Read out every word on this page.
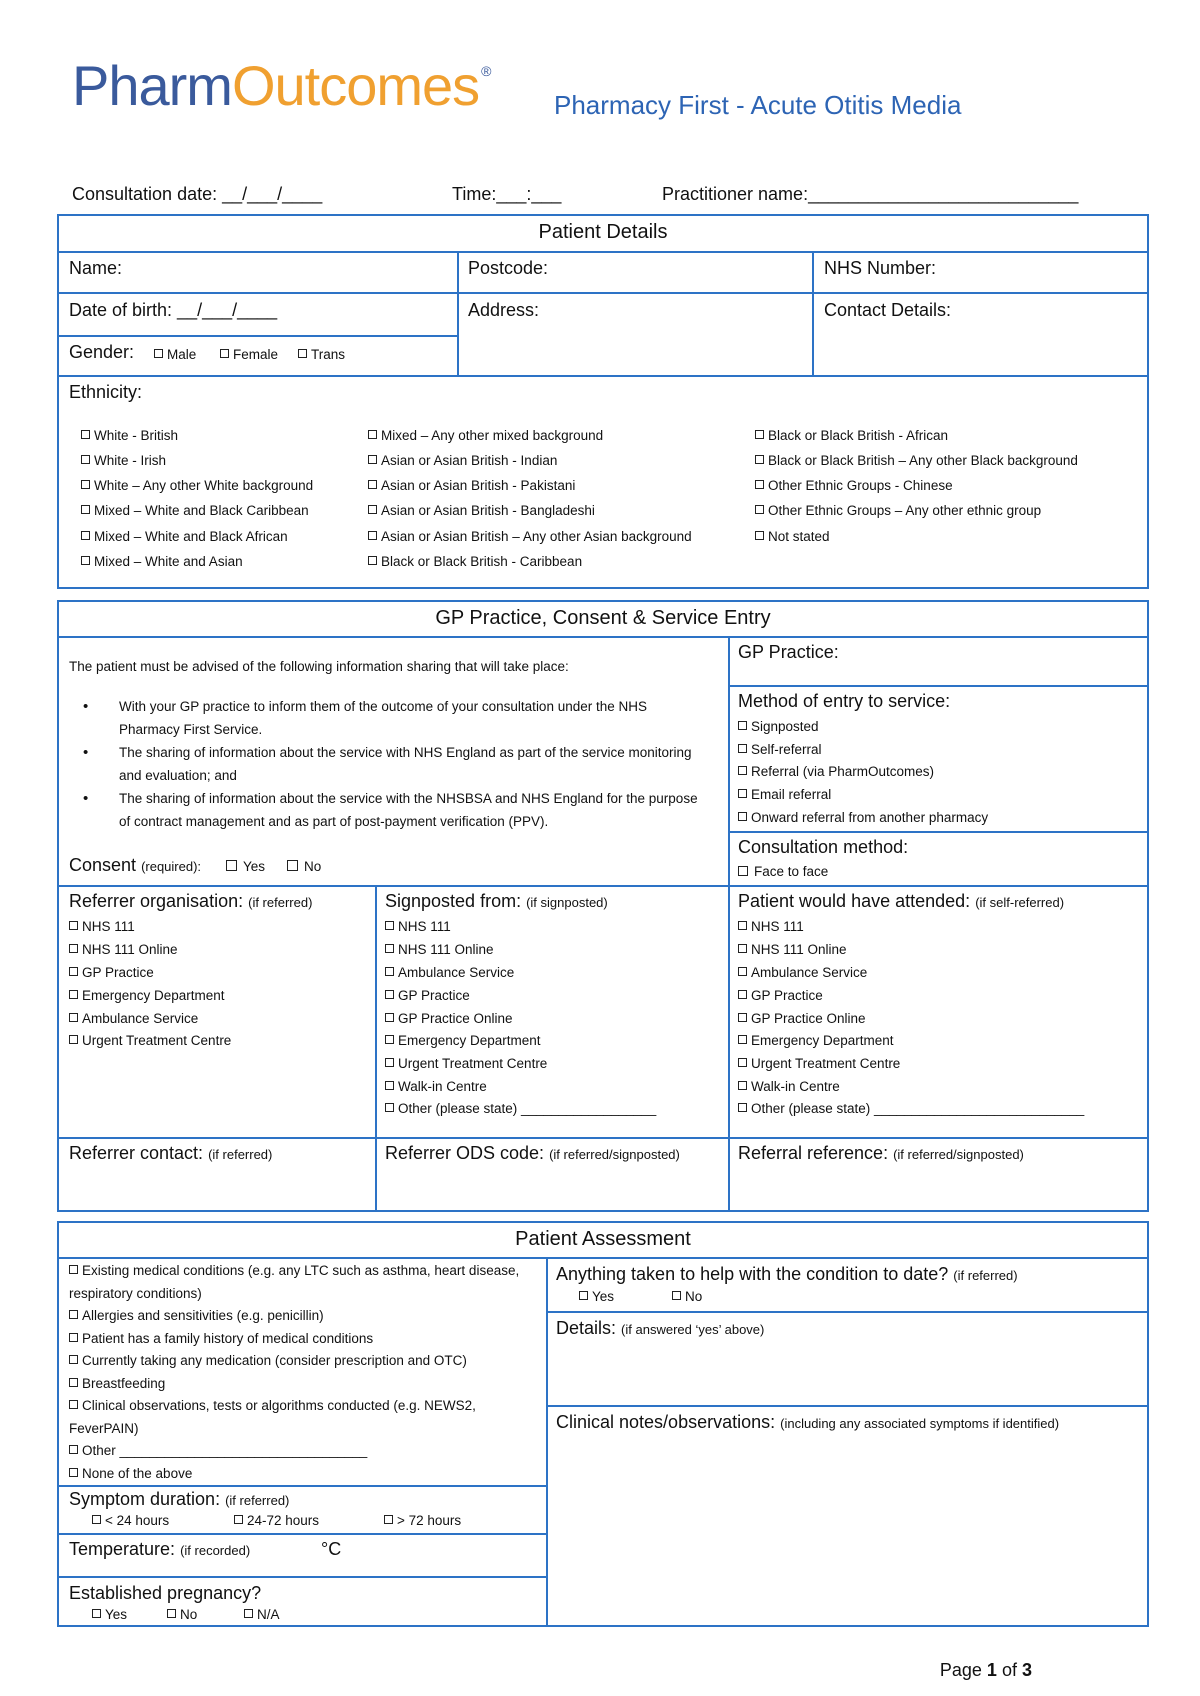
PharmOutcomes ®
Pharmacy First - Acute Otitis Media
Consultation date: __/___/____	Time:___:___	Practitioner name:___________________________
Patient Details
Name:	Postcode:	NHS Number:
Date of birth: __/___/____	Address:	Contact Details:
Gender:	Male	Female	Trans
Ethnicity:
White - British
White - Irish
White – Any other White background
Mixed – White and Black Caribbean
Mixed – White and Black African
Mixed – White and Asian
Mixed – Any other mixed background
Asian or Asian British - Indian
Asian or Asian British - Pakistani
Asian or Asian British - Bangladeshi
Asian or Asian British – Any other Asian background
Black or Black British - Caribbean
Black or Black British - African
Black or Black British – Any other Black background
Other Ethnic Groups - Chinese
Other Ethnic Groups – Any other ethnic group
Not stated
GP Practice, Consent & Service Entry
The patient must be advised of the following information sharing that will take place:
• With your GP practice to inform them of the outcome of your consultation under the NHS Pharmacy First Service.
• The sharing of information about the service with NHS England as part of the service monitoring and evaluation; and
• The sharing of information about the service with the NHSBSA and NHS England for the purpose of contract management and as part of post-payment verification (PPV).
Consent (required):	Yes	No
GP Practice:
Method of entry to service:
Signposted
Self-referral
Referral (via PharmOutcomes)
Email referral
Onward referral from another pharmacy
Consultation method:
Face to face
Referrer organisation: (if referred)
NHS 111
NHS 111 Online
GP Practice
Emergency Department
Ambulance Service
Urgent Treatment Centre
Signposted from: (if signposted)
NHS 111
NHS 111 Online
Ambulance Service
GP Practice
GP Practice Online
Emergency Department
Urgent Treatment Centre
Walk-in Centre
Other (please state) __________________
Patient would have attended: (if self-referred)
NHS 111
NHS 111 Online
Ambulance Service
GP Practice
GP Practice Online
Emergency Department
Urgent Treatment Centre
Walk-in Centre
Other (please state) ____________________________
Referrer contact: (if referred)	Referrer ODS code: (if referred/signposted)	Referral reference: (if referred/signposted)
Patient Assessment
Existing medical conditions (e.g. any LTC such as asthma, heart disease, respiratory conditions)
Allergies and sensitivities (e.g. penicillin)
Patient has a family history of medical conditions
Currently taking any medication (consider prescription and OTC)
Breastfeeding
Clinical observations, tests or algorithms conducted (e.g. NEWS2, FeverPAIN)
Other _________________________________
None of the above
Symptom duration: (if referred)
< 24 hours	24-72 hours	> 72 hours
Temperature: (if recorded)	°C
Established pregnancy?
Yes	No	N/A
Anything taken to help with the condition to date? (if referred)
Yes	No
Details: (if answered ‘yes’ above)
Clinical notes/observations: (including any associated symptoms if identified)
Page 1 of 3
